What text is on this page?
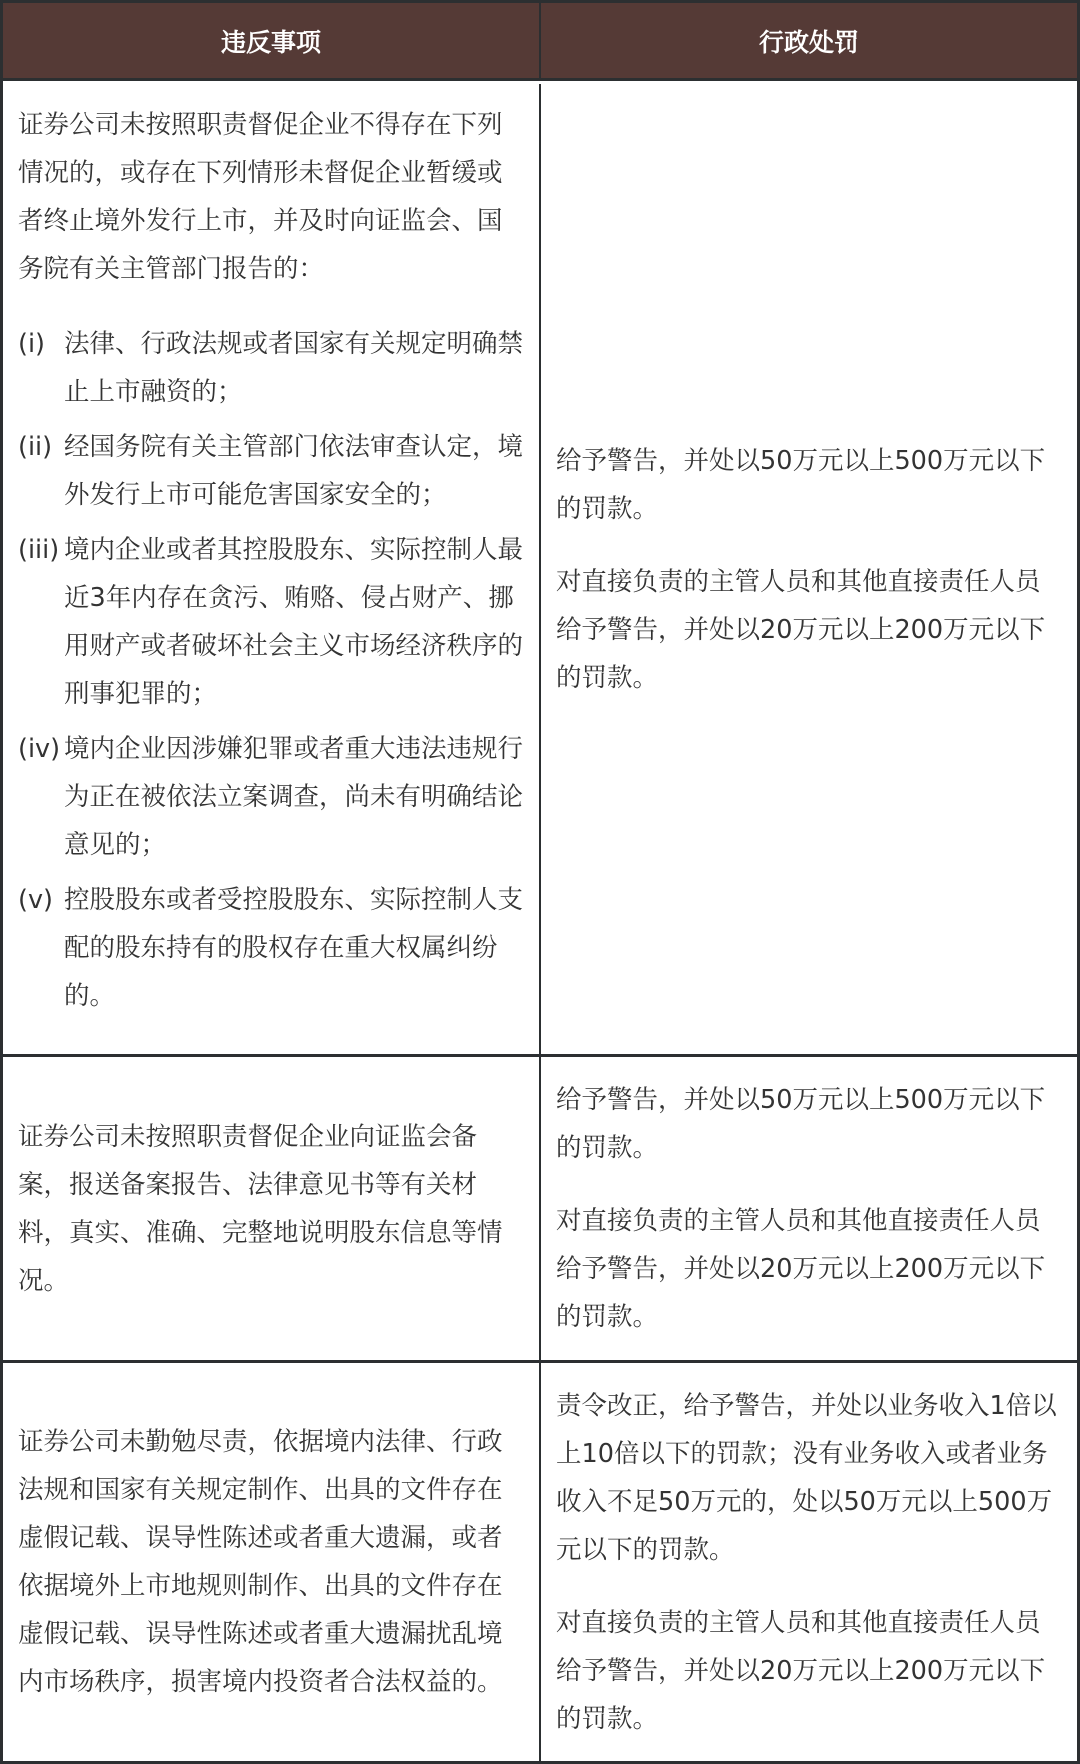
违反事项	行政处罚

证券公司未按照职责督促企业不得存在下列情况的，或存在下列情形未督促企业暂缓或者终止境外发行上市，并及时向证监会、国务院有关主管部门报告的：

(i) 法律、行政法规或者国家有关规定明确禁止上市融资的；
(ii) 经国务院有关主管部门依法审查认定，境外发行上市可能危害国家安全的；
(iii) 境内企业或者其控股股东、实际控制人最近3年内存在贪污、贿赂、侵占财产、挪用财产或者破坏社会主义市场经济秩序的刑事犯罪的；
(iv) 境内企业因涉嫌犯罪或者重大违法违规行为正在被依法立案调查，尚未有明确结论意见的；
(v) 控股股东或者受控股股东、实际控制人支配的股东持有的股权存在重大权属纠纷的。

给予警告，并处以50万元以上500万元以下的罚款。

对直接负责的主管人员和其他直接责任人员给予警告，并处以20万元以上200万元以下的罚款。

证券公司未按照职责督促企业向证监会备案，报送备案报告、法律意见书等有关材料，真实、准确、完整地说明股东信息等情况。

给予警告，并处以50万元以上500万元以下的罚款。

对直接负责的主管人员和其他直接责任人员给予警告，并处以20万元以上200万元以下的罚款。

证券公司未勤勉尽责，依据境内法律、行政法规和国家有关规定制作、出具的文件存在虚假记载、误导性陈述或者重大遗漏，或者依据境外上市地规则制作、出具的文件存在虚假记载、误导性陈述或者重大遗漏扰乱境内市场秩序，损害境内投资者合法权益的。

责令改正，给予警告，并处以业务收入1倍以上10倍以下的罚款；没有业务收入或者业务收入不足50万元的，处以50万元以上500万元以下的罚款。

对直接负责的主管人员和其他直接责任人员给予警告，并处以20万元以上200万元以下的罚款。
